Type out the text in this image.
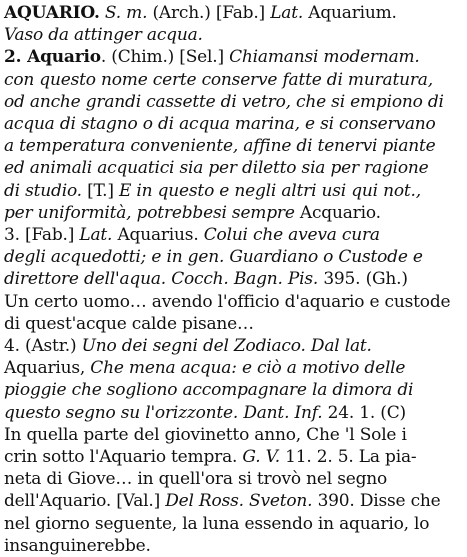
AQUARIO. S. m. (Arch.) [Fab.] Lat. Aquarium.
Vaso da attinger acqua.
2. Aquario. (Chim.) [Sel.] Chiamansi modernam.
con questo nome certe conserve fatte di muratura,
od anche grandi cassette di vetro, che si empiono di
acqua di stagno o di acqua marina, e si conservano
a temperatura conveniente, affine di tenervi piante
ed animali acquatici sia per diletto sia per ragione
di studio. [T.] E in questo e negli altri usi qui not.,
per uniformità, potrebbesi sempre Acquario.
3. [Fab.] Lat. Aquarius. Colui che aveva cura
degli acquedotti; e in gen. Guardiano o Custode e
direttore dell'aqua. Cocch. Bagn. Pis. 395. (Gh.)
Un certo uomo… avendo l'officio d'aquario e custode
di quest'acque calde pisane…
4. (Astr.) Uno dei segni del Zodiaco. Dal lat.
Aquarius, Che mena acqua: e ciò a motivo delle
pioggie che sogliono accompagnare la dimora di
questo segno su l'orizzonte. Dant. Inf. 24. 1. (C)
In quella parte del giovinetto anno, Che 'l Sole i
crin sotto l'Aquario tempra. G. V. 11. 2. 5. La pia-
neta di Giove… in quell'ora si trovò nel segno
dell'Aquario. [Val.] Del Ross. Sveton. 390. Disse che
nel giorno seguente, la luna essendo in aquario, lo
insanguinerebbe.
